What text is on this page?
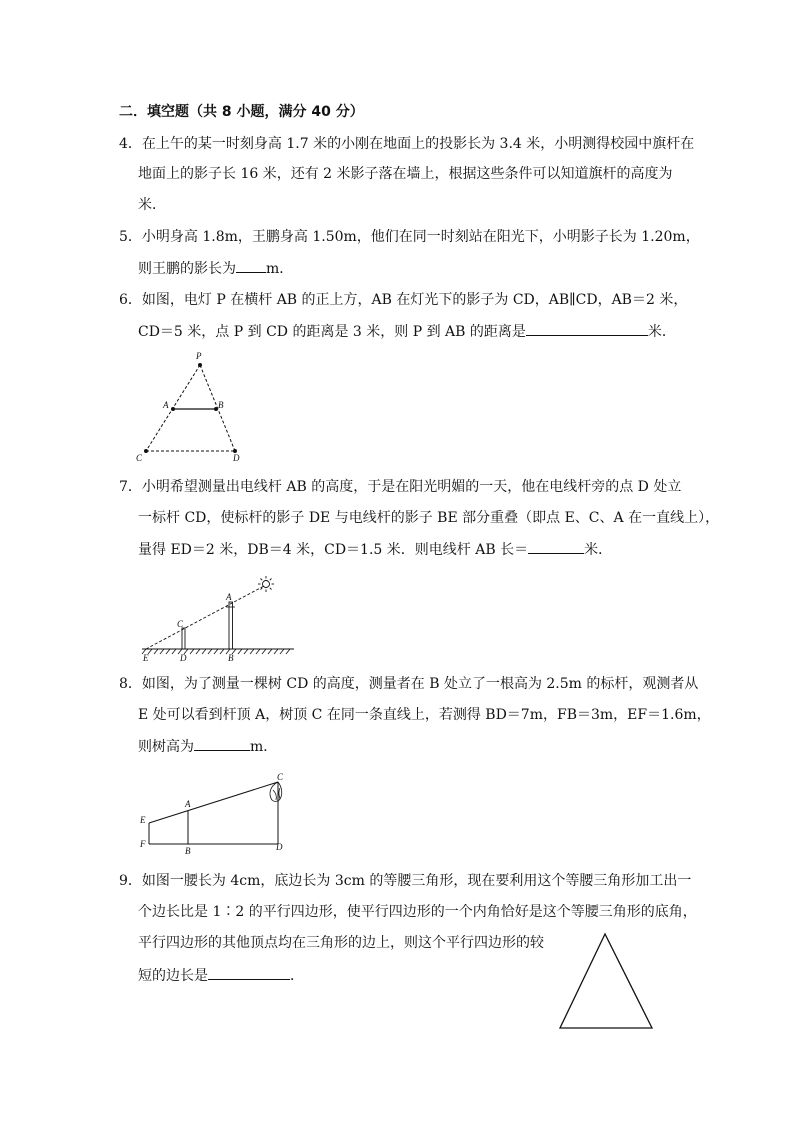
二．填空题（共 8 小题，满分 40 分）
4．在上午的某一时刻身高 1.7 米的小刚在地面上的投影长为 3.4 米，小明测得校园中旗杆在
地面上的影子长 16 米，还有 2 米影子落在墙上，根据这些条件可以知道旗杆的高度为
米．
5．小明身高 1.8m，王鹏身高 1.50m，他们在同一时刻站在阳光下，小明影子长为 1.20m，
则王鹏的影长为 m．
6．如图，电灯 P 在横杆 AB 的正上方，AB 在灯光下的影子为 CD，AB∥CD，AB＝2 米，
CD＝5 米，点 P 到 CD 的距离是 3 米，则 P 到 AB 的距离是	米．
P
A	B
C	D
7．小明希望测量出电线杆 AB 的高度，于是在阳光明媚的一天，他在电线杆旁的点 D 处立
一标杆 CD，使标杆的影子 DE 与电线杆的影子 BE 部分重叠（即点 E、C、A 在一直线上），
量得 ED＝2 米，DB＝4 米，CD＝1.5 米．则电线杆 AB 长＝	米．
A
C
E	D	B
8．如图，为了测量一棵树 CD 的高度，测量者在 B 处立了一根高为 2.5m 的标杆，观测者从
E 处可以看到杆顶 A，树顶 C 在同一条直线上，若测得 BD＝7m，FB＝3m，EF＝1.6m，
则树高为	m．
C
A
E
F
B	D
9．如图一腰长为 4cm，底边长为 3cm 的等腰三角形，现在要利用这个等腰三角形加工出一
个边长比是 1∶2 的平行四边形，使平行四边形的一个内角恰好是这个等腰三角形的底角，
平行四边形的其他顶点均在三角形的边上，则这个平行四边形的较
短的边长是	．
